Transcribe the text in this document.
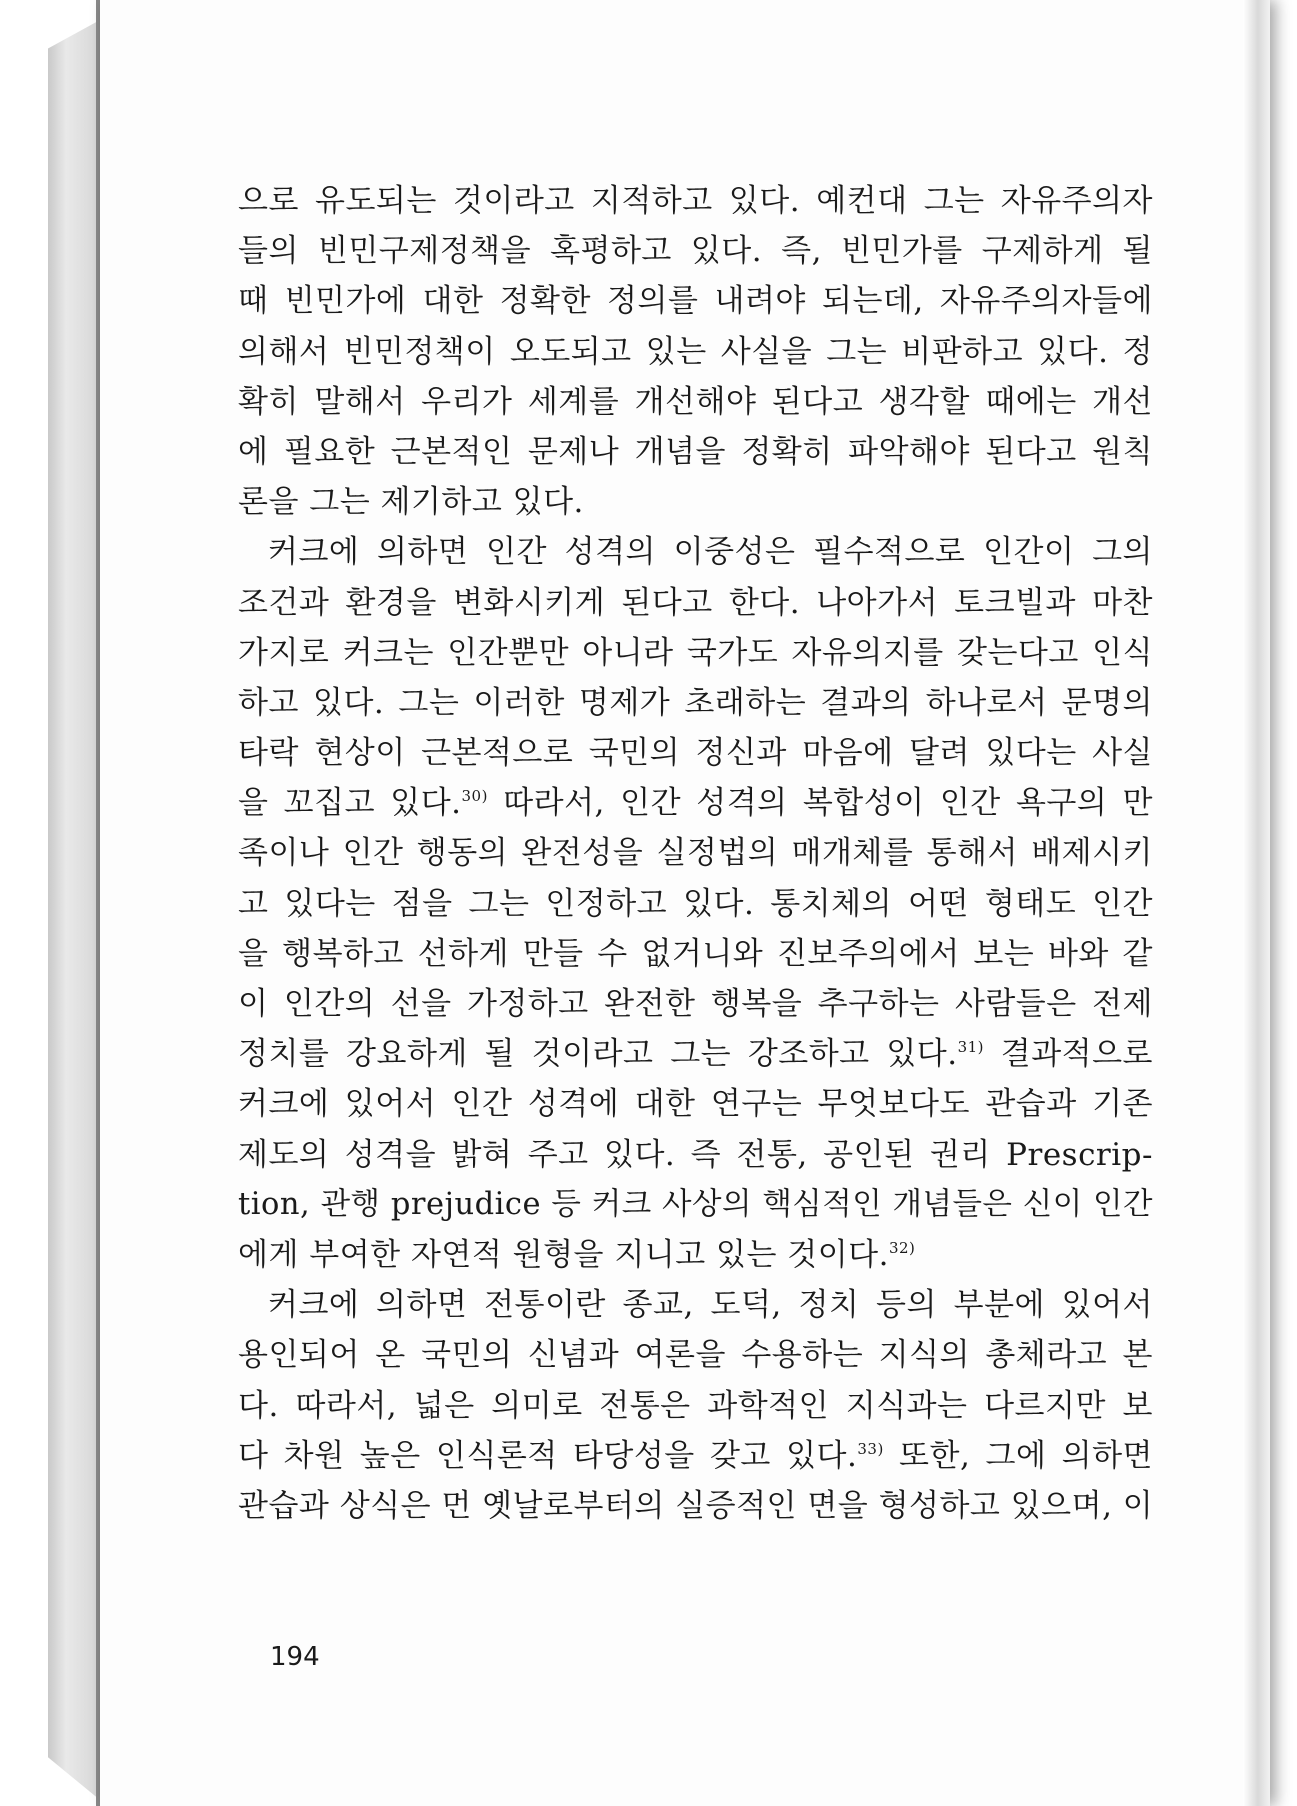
으로 유도되는 것이라고 지적하고 있다. 예컨대 그는 자유주의자
들의 빈민구제정책을 혹평하고 있다. 즉, 빈민가를 구제하게 될
때 빈민가에 대한 정확한 정의를 내려야 되는데, 자유주의자들에
의해서 빈민정책이 오도되고 있는 사실을 그는 비판하고 있다. 정
확히 말해서 우리가 세계를 개선해야 된다고 생각할 때에는 개선
에 필요한 근본적인 문제나 개념을 정확히 파악해야 된다고 원칙
론을 그는 제기하고 있다.
커크에 의하면 인간 성격의 이중성은 필수적으로 인간이 그의
조건과 환경을 변화시키게 된다고 한다. 나아가서 토크빌과 마찬
가지로 커크는 인간뿐만 아니라 국가도 자유의지를 갖는다고 인식
하고 있다. 그는 이러한 명제가 초래하는 결과의 하나로서 문명의
타락 현상이 근본적으로 국민의 정신과 마음에 달려 있다는 사실
을 꼬집고 있다.$^{30)}$ 따라서, 인간 성격의 복합성이 인간 욕구의 만
족이나 인간 행동의 완전성을 실정법의 매개체를 통해서 배제시키
고 있다는 점을 그는 인정하고 있다. 통치체의 어떤 형태도 인간
을 행복하고 선하게 만들 수 없거니와 진보주의에서 보는 바와 같
이 인간의 선을 가정하고 완전한 행복을 추구하는 사람들은 전제
정치를 강요하게 될 것이라고 그는 강조하고 있다.$^{31)}$ 결과적으로
커크에 있어서 인간 성격에 대한 연구는 무엇보다도 관습과 기존
제도의 성격을 밝혀 주고 있다. 즉 전통, 공인된 권리 Prescrip-
tion, 관행 prejudice 등 커크 사상의 핵심적인 개념들은 신이 인간
에게 부여한 자연적 원형을 지니고 있는 것이다.$^{32)}$
커크에 의하면 전통이란 종교, 도덕, 정치 등의 부분에 있어서
용인되어 온 국민의 신념과 여론을 수용하는 지식의 총체라고 본
다. 따라서, 넓은 의미로 전통은 과학적인 지식과는 다르지만 보
다 차원 높은 인식론적 타당성을 갖고 있다.$^{33)}$ 또한, 그에 의하면
관습과 상식은 먼 옛날로부터의 실증적인 면을 형성하고 있으며, 이
194
